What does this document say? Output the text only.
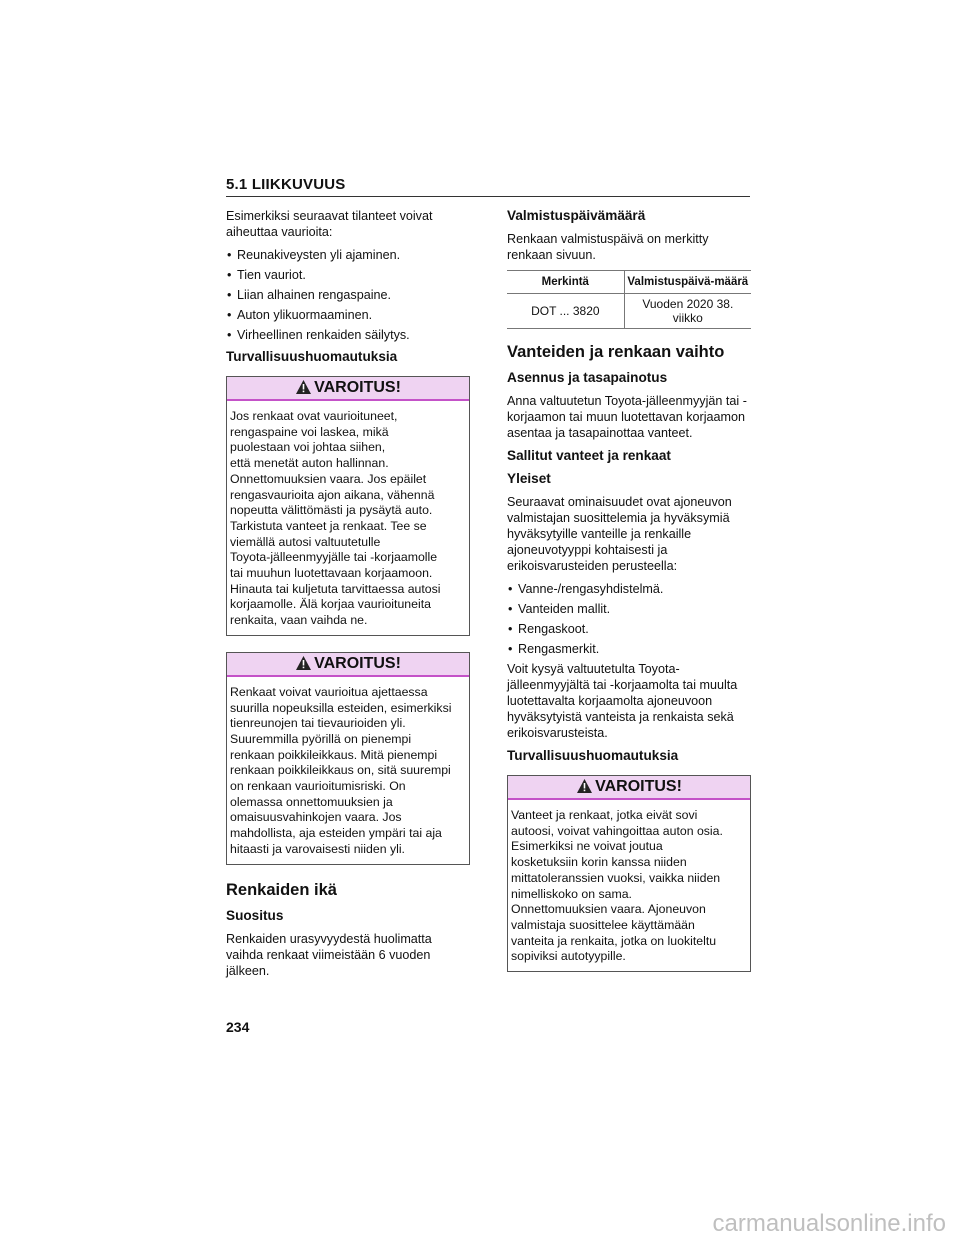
5.1 LIIKKUVUUS

Esimerkiksi seuraavat tilanteet voivat aiheuttaa vaurioita:

• Reunakiveysten yli ajaminen.
• Tien vauriot.
• Liian alhainen rengaspaine.
• Auton ylikuormaaminen.
• Virheellinen renkaiden säilytys.
Turvallisuushuomautuksia
VAROITUS!

Jos renkaat ovat vaurioituneet,

rengaspaine voi laskea, mikä

puolestaan voi johtaa siihen,

että menetät auton hallinnan.

Onnettomuuksien vaara. Jos epäilet

rengasvaurioita ajon aikana, vähennä

nopeutta välittömästi ja pysäytä auto.

Tarkistuta vanteet ja renkaat. Tee se

viemällä autosi valtuutetulle

Toyota-jälleenmyyjälle tai -korjaamolle

tai muuhun luotettavaan korjaamoon.

Hinauta tai kuljetuta tarvittaessa autosi

korjaamolle. Älä korjaa vaurioituneita

renkaita, vaan vaihda ne.

VAROITUS!

Renkaat voivat vaurioitua ajettaessa

suurilla nopeuksilla esteiden, esimerkiksi

tienreunojen tai tievaurioiden yli.

Suuremmilla pyörillä on pienempi

renkaan poikkileikkaus. Mitä pienempi

renkaan poikkileikkaus on, sitä suurempi

on renkaan vaurioitumisriski. On

olemassa onnettomuuksien ja

omaisuusvahinkojen vaara. Jos

mahdollista, aja esteiden ympäri tai aja

hitaasti ja varovaisesti niiden yli.

Renkaiden ikä
Suositus

Renkaiden urasyvyydestä huolimatta vaihda renkaat viimeistään 6 vuoden jälkeen.

Valmistuspäivämäärä

Renkaan valmistuspäivä on merkitty renkaan sivuun.

Merkintä	Valmistuspäivä-määrä
DOT ... 3820	Vuoden 2020 38. viikko
Vanteiden ja renkaan vaihto
Asennus ja tasapainotus

Anna valtuutetun Toyota-jälleenmyyjän tai -korjaamon tai muun luotettavan korjaamon asentaa ja tasapainottaa vanteet.

Sallitut vanteet ja renkaat
Yleiset

Seuraavat ominaisuudet ovat ajoneuvon valmistajan suosittelemia ja hyväksymiä hyväksytyille vanteille ja renkaille ajoneuvotyyppi kohtaisesti ja erikoisvarusteiden perusteella:

• Vanne-/rengasyhdistelmä.
• Vanteiden mallit.
• Rengaskoot.
• Rengasmerkit.

Voit kysyä valtuutetulta Toyota-jälleenmyyjältä tai -korjaamolta tai muulta luotettavalta korjaamolta ajoneuvoon hyväksytyistä vanteista ja renkaista sekä erikoisvarusteista.

Turvallisuushuomautuksia
VAROITUS!

Vanteet ja renkaat, jotka eivät sovi

autoosi, voivat vahingoittaa auton osia.

Esimerkiksi ne voivat joutua

kosketuksiin korin kanssa niiden

mittatoleranssien vuoksi, vaikka niiden

nimelliskoko on sama.

Onnettomuuksien vaara. Ajoneuvon

valmistaja suosittelee käyttämään

vanteita ja renkaita, jotka on luokiteltu

sopiviksi autotyypille.

234
carmanualsonline.info
